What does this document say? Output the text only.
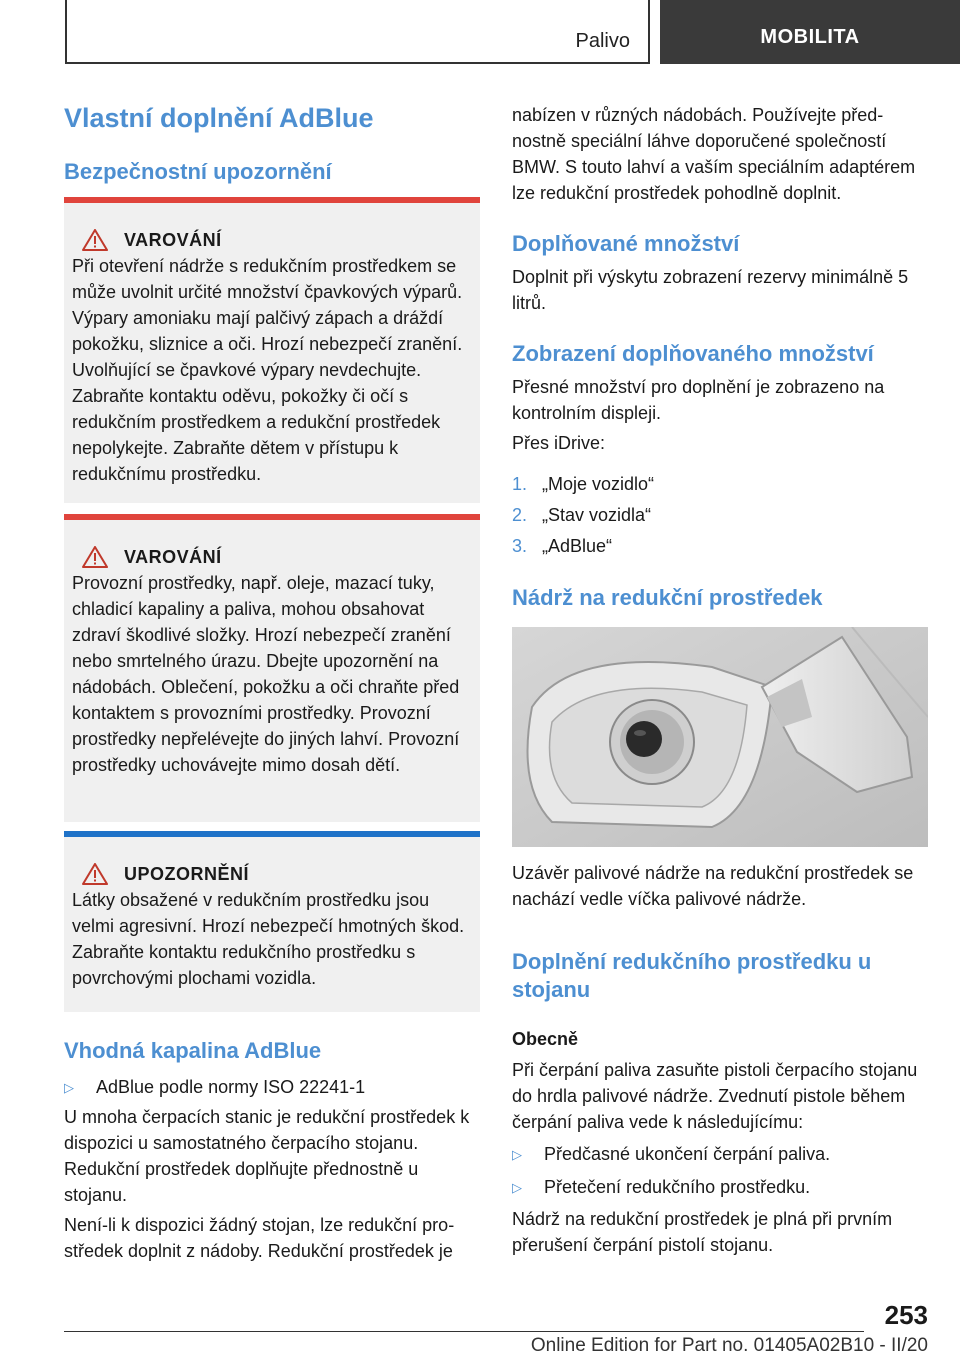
Palivo	MOBILITA
Vlastní doplnění AdBlue
Bezpečnostní upozornění
VAROVÁNÍ
Při otevření nádrže s redukčním prostředkem se může uvolnit určité množství čpavkových výparů. Výpary amoniaku mají palčivý zápach a dráždí pokožku, sliznice a oči. Hrozí nebezpečí zranění. Uvolňující se čpavkové výpary nevdechujte. Zabraňte kontaktu oděvu, pokožky či očí s redukčním prostředkem a redukční prostředek nepolykejte. Zabraňte dětem v přístupu k redukčnímu prostředku.
VAROVÁNÍ
Provozní prostředky, např. oleje, mazací tuky, chladicí kapaliny a paliva, mohou obsahovat zdraví škodlivé složky. Hrozí nebezpečí zranění nebo smrtelného úrazu. Dbejte upozornění na nádobách. Oblečení, pokožku a oči chraňte před kontaktem s provozními prostředky. Provozní prostředky nepřelévejte do jiných lahví. Provozní prostředky uchovávejte mimo dosah dětí.
UPOZORNĚNÍ
Látky obsažené v redukčním prostředku jsou velmi agresivní. Hrozí nebezpečí hmotných škod. Zabraňte kontaktu redukčního prostředku s povrchovými plochami vozidla.
Vhodná kapalina AdBlue
▷	AdBlue podle normy ISO 22241-1
U mnoha čerpacích stanic je redukční prostředek k dispozici u samostatného čerpacího stojanu. Redukční prostředek doplňujte přednostně u stojanu.
Není-li k dispozici žádný stojan, lze redukční prostředek doplnit z nádoby. Redukční prostředek je
nabízen v různých nádobách. Používejte přednostně speciální láhve doporučené společností BMW. S touto lahví a vaším speciálním adaptérem lze redukční prostředek pohodlně doplnit.
Doplňované množství
Doplnit při výskytu zobrazení rezervy minimálně 5 litrů.
Zobrazení doplňovaného množství
Přesné množství pro doplnění je zobrazeno na kontrolním displeji.
Přes iDrive:
1. „Moje vozidlo“
2. „Stav vozidla“
3. „AdBlue“
Nádrž na redukční prostředek
Uzávěr palivové nádrže na redukční prostředek se nachází vedle víčka palivové nádrže.
Doplnění redukčního prostředku u stojanu
Obecně
Při čerpání paliva zasuňte pistoli čerpacího stojanu do hrdla palivové nádrže. Zvednutí pistole během čerpání paliva vede k následujícímu:
▷	Předčasné ukončení čerpání paliva.
▷	Přetečení redukčního prostředku.
Nádrž na redukční prostředek je plná při prvním přerušení čerpání pistolí stojanu.
253
Online Edition for Part no. 01405A02B10 - II/20
